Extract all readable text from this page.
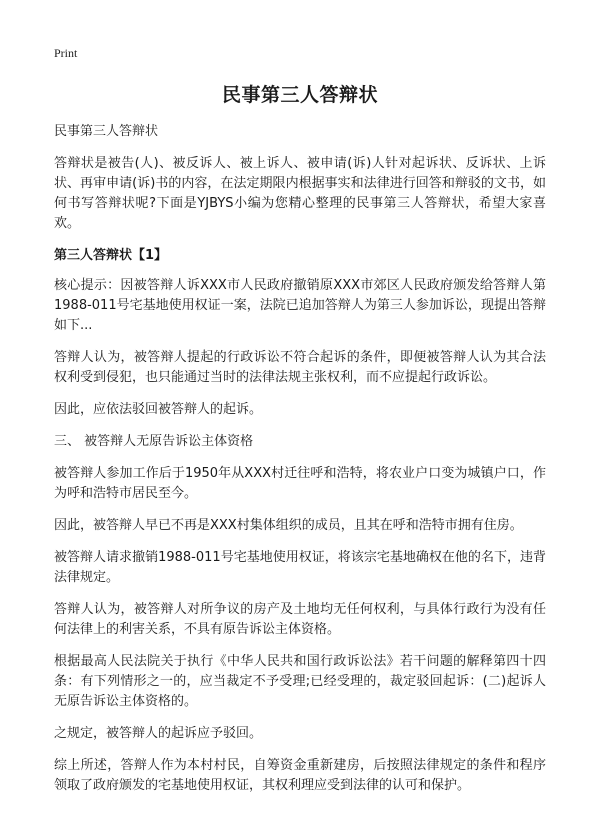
Print
民事第三人答辩状

民事第三人答辩状

答辩状是被告(人)、被反诉人、被上诉人、被申请(诉)人针对起诉状、反诉状、上诉状、再审申请(诉)书的内容，在法定期限内根据事实和法律进行回答和辩驳的文书，如何书写答辩状呢?下面是YJBYS小编为您精心整理的民事第三人答辩状，希望大家喜欢。

第三人答辩状【1】

核心提示：因被答辩人诉XXX市人民政府撤销原XXX市郊区人民政府颁发给答辩人第1988-011号宅基地使用权证一案，法院已追加答辩人为第三人参加诉讼，现提出答辩如下...

答辩人认为，被答辩人提起的行政诉讼不符合起诉的条件，即便被答辩人认为其合法权利受到侵犯，也只能通过当时的法律法规主张权利，而不应提起行政诉讼。

因此，应依法驳回被答辩人的起诉。

三、 被答辩人无原告诉讼主体资格

被答辩人参加工作后于1950年从XXX村迁往呼和浩特，将农业户口变为城镇户口，作为呼和浩特市居民至今。

因此，被答辩人早已不再是XXX村集体组织的成员，且其在呼和浩特市拥有住房。

被答辩人请求撤销1988-011号宅基地使用权证，将该宗宅基地确权在他的名下，违背法律规定。

答辩人认为，被答辩人对所争议的房产及土地均无任何权利，与具体行政行为没有任何法律上的利害关系，不具有原告诉讼主体资格。

根据最高人民法院关于执行《中华人民共和国行政诉讼法》若干问题的解释第四十四条：有下列情形之一的，应当裁定不予受理;已经受理的，裁定驳回起诉：(二)起诉人无原告诉讼主体资格的。

之规定，被答辩人的起诉应予驳回。

综上所述，答辩人作为本村村民，自筹资金重新建房，后按照法律规定的条件和程序领取了政府颁发的宅基地使用权证，其权利理应受到法律的认可和保护。
